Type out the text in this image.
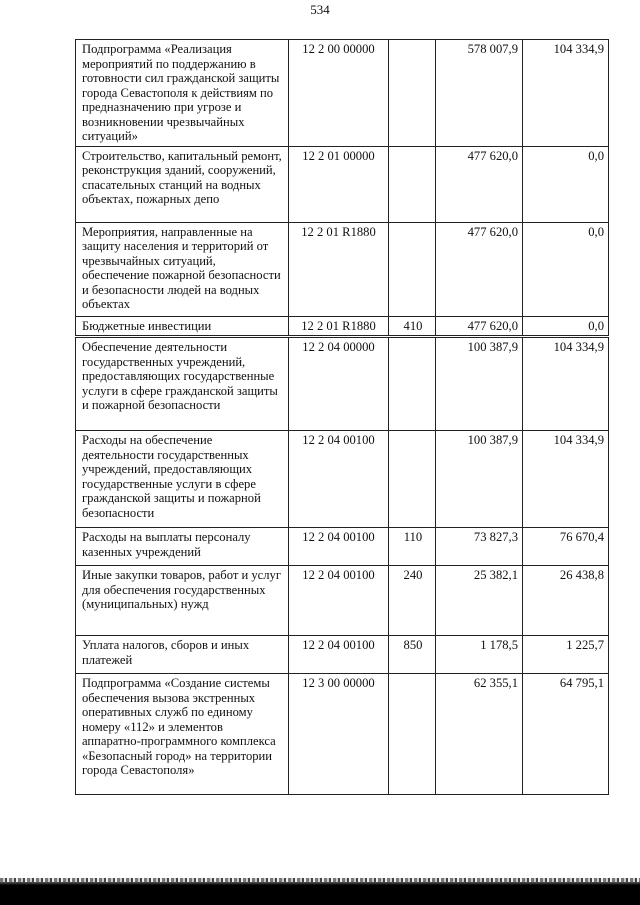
534
Подпрограмма «Реализация мероприятий по поддержанию в готовности сил гражданской защиты города Севастополя к действиям по предназначению при угрозе и возникновении чрезвычайных ситуаций»	12 2 00 00000		578 007,9	104 334,9
Строительство, капитальный ремонт, реконструкция зданий, сооружений, спасательных станций на водных объектах, пожарных депо	12 2 01 00000		477 620,0	0,0
Мероприятия, направленные на защиту населения и территорий от чрезвычайных ситуаций, обеспечение пожарной безопасности и безопасности людей на водных объектах	12 2 01 R1880		477 620,0	0,0
Бюджетные инвестиции	12 2 01 R1880	410	477 620,0	0,0
Обеспечение деятельности государственных учреждений, предоставляющих государственные услуги в сфере гражданской защиты и пожарной безопасности	12 2 04 00000		100 387,9	104 334,9
Расходы на обеспечение деятельности государственных учреждений, предоставляющих государственные услуги в сфере гражданской защиты и пожарной безопасности	12 2 04 00100		100 387,9	104 334,9
Расходы на выплаты персоналу казенных учреждений	12 2 04 00100	110	73 827,3	76 670,4
Иные закупки товаров, работ и услуг для обеспечения государственных (муниципальных) нужд	12 2 04 00100	240	25 382,1	26 438,8
Уплата налогов, сборов и иных платежей	12 2 04 00100	850	1 178,5	1 225,7
Подпрограмма «Создание системы обеспечения вызова экстренных оперативных служб по единому номеру «112» и элементов аппаратно-программного комплекса «Безопасный город» на территории города Севастополя»	12 3 00 00000		62 355,1	64 795,1
